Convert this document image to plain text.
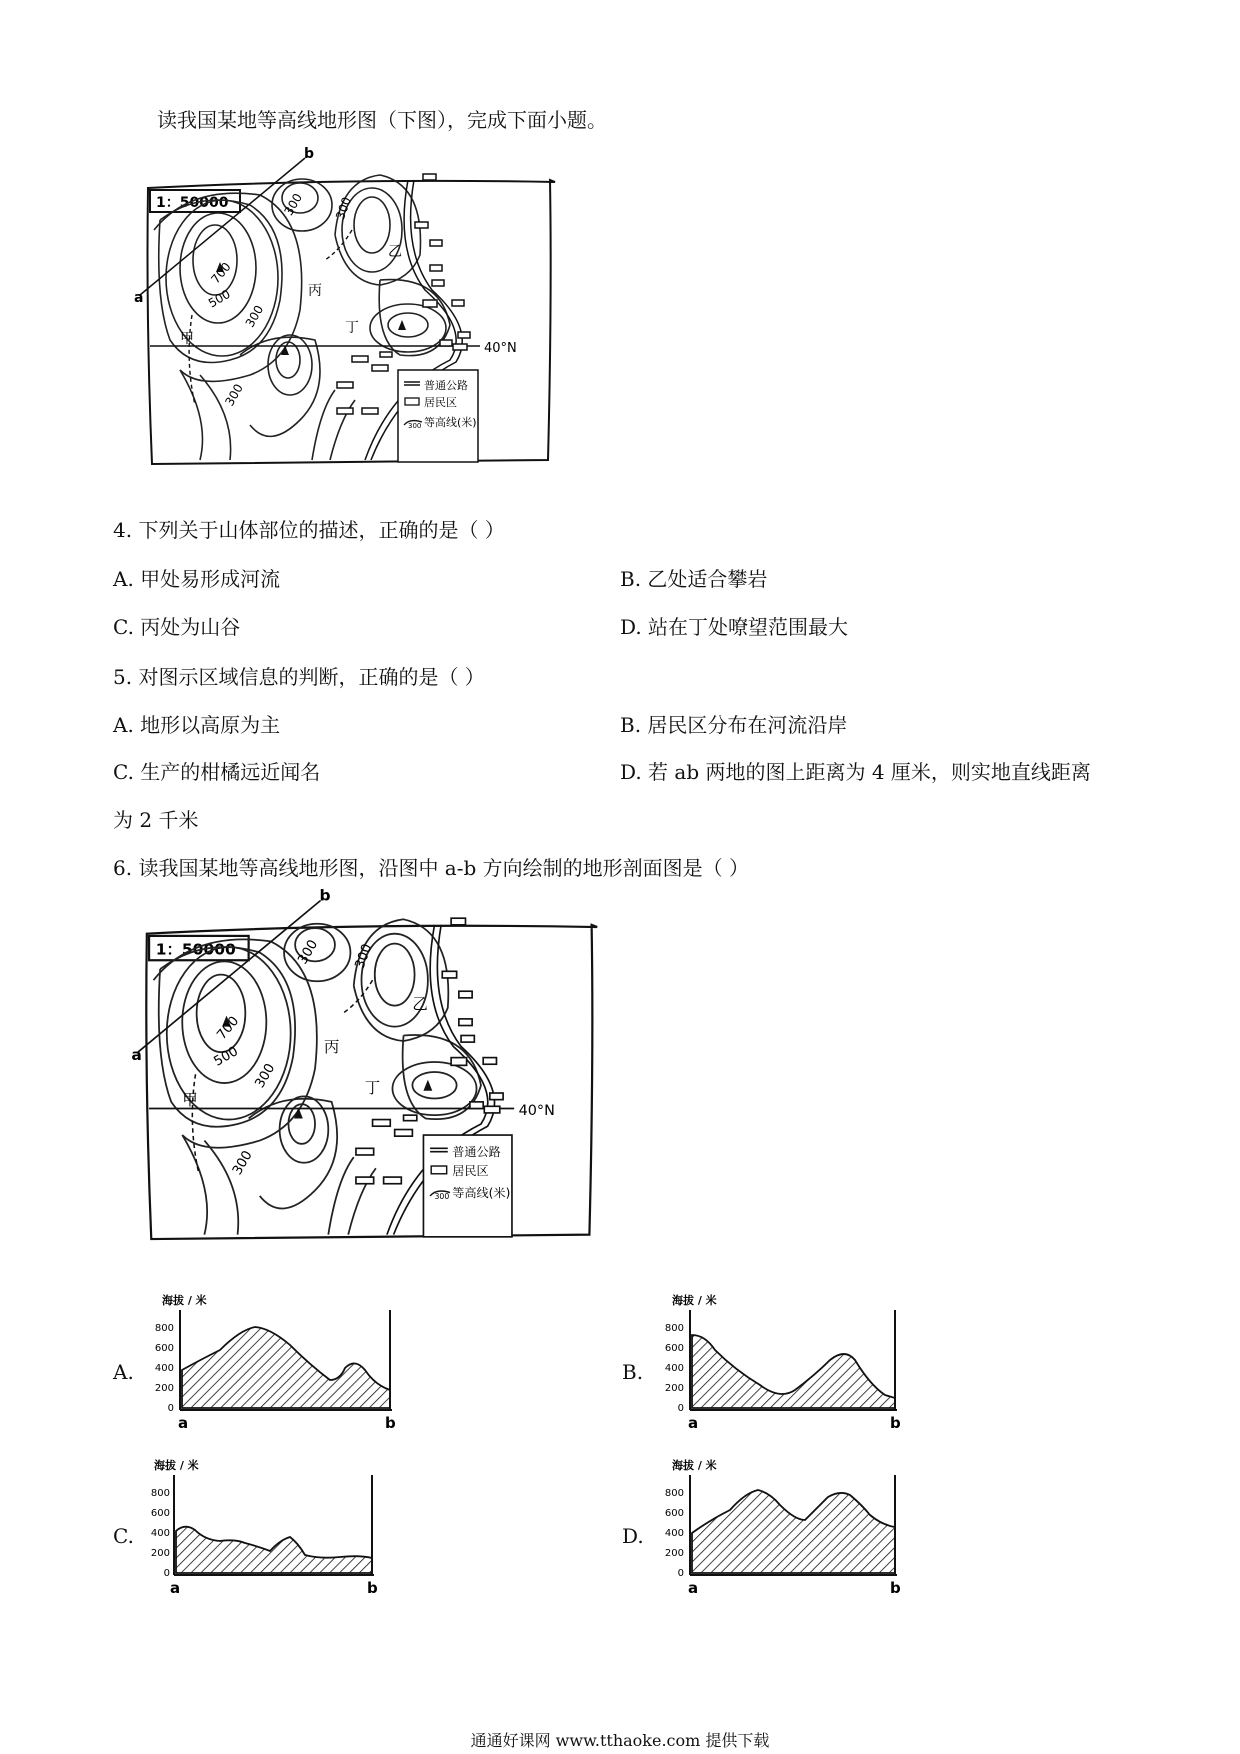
读我国某地等高线地形图（下图），完成下面小题。
1：50000
普通公路
居民区
300 等高线(米)
a
b
700
500
300 300
300
300
甲
乙
丙
丁
40°N
4. 下列关于山体部位的描述，正确的是（ ）
A. 甲处易形成河流	B. 乙处适合攀岩
C. 丙处为山谷	D. 站在丁处嘹望范围最大
5. 对图示区域信息的判断，正确的是（ ）
A. 地形以高原为主	B. 居民区分布在河流沿岸
C. 生产的柑橘远近闻名	D. 若 ab 两地的图上距离为 4 厘米，则实地直线距离
为 2 千米
6. 读我国某地等高线地形图，沿图中 a-b 方向绘制的地形剖面图是（ ）
1：50000
普通公路
居民区
300 等高线(米)
a
b
700
500
300	300
300
300
甲
乙
丙
丁
40°N
A.
海拔 / 米
800
600
400
200
0
a	b
B.
海拔 / 米
800
600
400
200
0
a	b
C.
海拔 / 米
800
600
400
200
0
a	b
D.
海拔 / 米
800
600
400
200
0
a	b
通通好课网 www.tthaoke.com 提供下载
